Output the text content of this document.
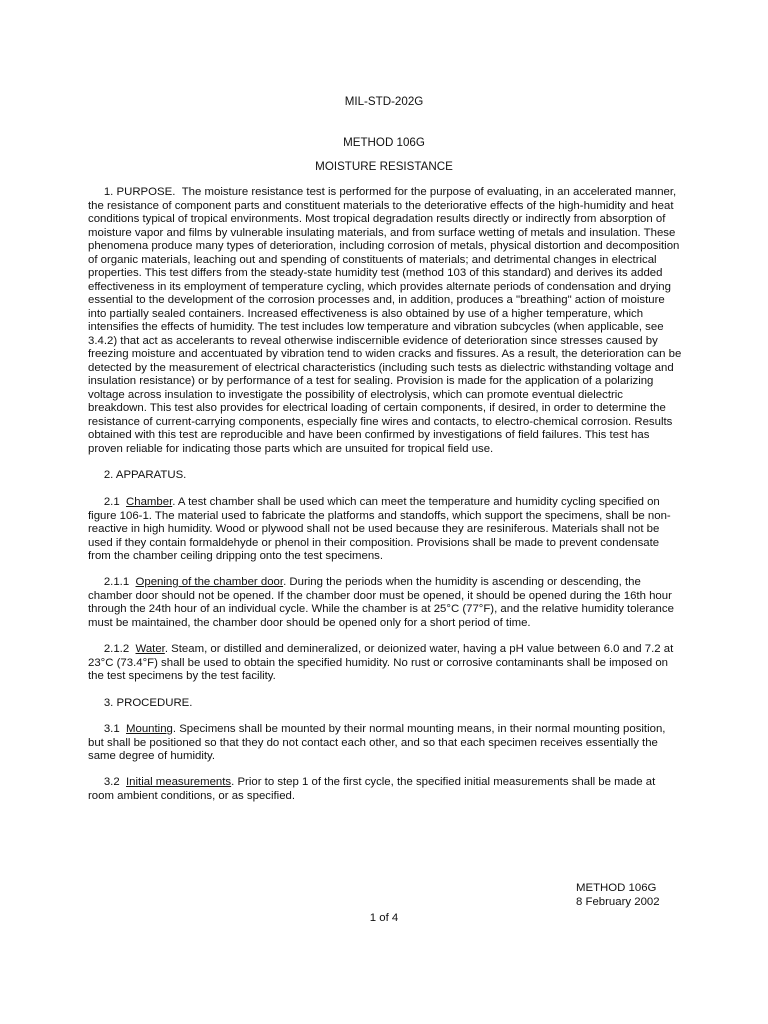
MIL-STD-202G
METHOD 106G
MOISTURE RESISTANCE

1. PURPOSE. The moisture resistance test is performed for the purpose of evaluating, in an accelerated manner, the resistance of component parts and constituent materials to the deteriorative effects of the high-humidity and heat conditions typical of tropical environments. Most tropical degradation results directly or indirectly from absorption of moisture vapor and films by vulnerable insulating materials, and from surface wetting of metals and insulation. These phenomena produce many types of deterioration, including corrosion of metals, physical distortion and decomposition of organic materials, leaching out and spending of constituents of materials; and detrimental changes in electrical properties. This test differs from the steady-state humidity test (method 103 of this standard) and derives its added effectiveness in its employment of temperature cycling, which provides alternate periods of condensation and drying essential to the development of the corrosion processes and, in addition, produces a "breathing" action of moisture into partially sealed containers. Increased effectiveness is also obtained by use of a higher temperature, which intensifies the effects of humidity. The test includes low temperature and vibration subcycles (when applicable, see 3.4.2) that act as accelerants to reveal otherwise indiscernible evidence of deterioration since stresses caused by freezing moisture and accentuated by vibration tend to widen cracks and fissures. As a result, the deterioration can be detected by the measurement of electrical characteristics (including such tests as dielectric withstanding voltage and insulation resistance) or by performance of a test for sealing. Provision is made for the application of a polarizing voltage across insulation to investigate the possibility of electrolysis, which can promote eventual dielectric breakdown. This test also provides for electrical loading of certain components, if desired, in order to determine the resistance of current-carrying components, especially fine wires and contacts, to electro-chemical corrosion. Results obtained with this test are reproducible and have been confirmed by investigations of field failures. This test has proven reliable for indicating those parts which are unsuited for tropical field use.

2. APPARATUS.

2.1 Chamber. A test chamber shall be used which can meet the temperature and humidity cycling specified on figure 106-1. The material used to fabricate the platforms and standoffs, which support the specimens, shall be non-reactive in high humidity. Wood or plywood shall not be used because they are resiniferous. Materials shall not be used if they contain formaldehyde or phenol in their composition. Provisions shall be made to prevent condensate from the chamber ceiling dripping onto the test specimens.

2.1.1 Opening of the chamber door. During the periods when the humidity is ascending or descending, the chamber door should not be opened. If the chamber door must be opened, it should be opened during the 16th hour through the 24th hour of an individual cycle. While the chamber is at 25°C (77°F), and the relative humidity tolerance must be maintained, the chamber door should be opened only for a short period of time.

2.1.2 Water. Steam, or distilled and demineralized, or deionized water, having a pH value between 6.0 and 7.2 at 23°C (73.4°F) shall be used to obtain the specified humidity. No rust or corrosive contaminants shall be imposed on the test specimens by the test facility.

3. PROCEDURE.

3.1 Mounting. Specimens shall be mounted by their normal mounting means, in their normal mounting position, but shall be positioned so that they do not contact each other, and so that each specimen receives essentially the same degree of humidity.

3.2 Initial measurements. Prior to step 1 of the first cycle, the specified initial measurements shall be made at room ambient conditions, or as specified.

METHOD 106G
8 February 2002
1 of 4
